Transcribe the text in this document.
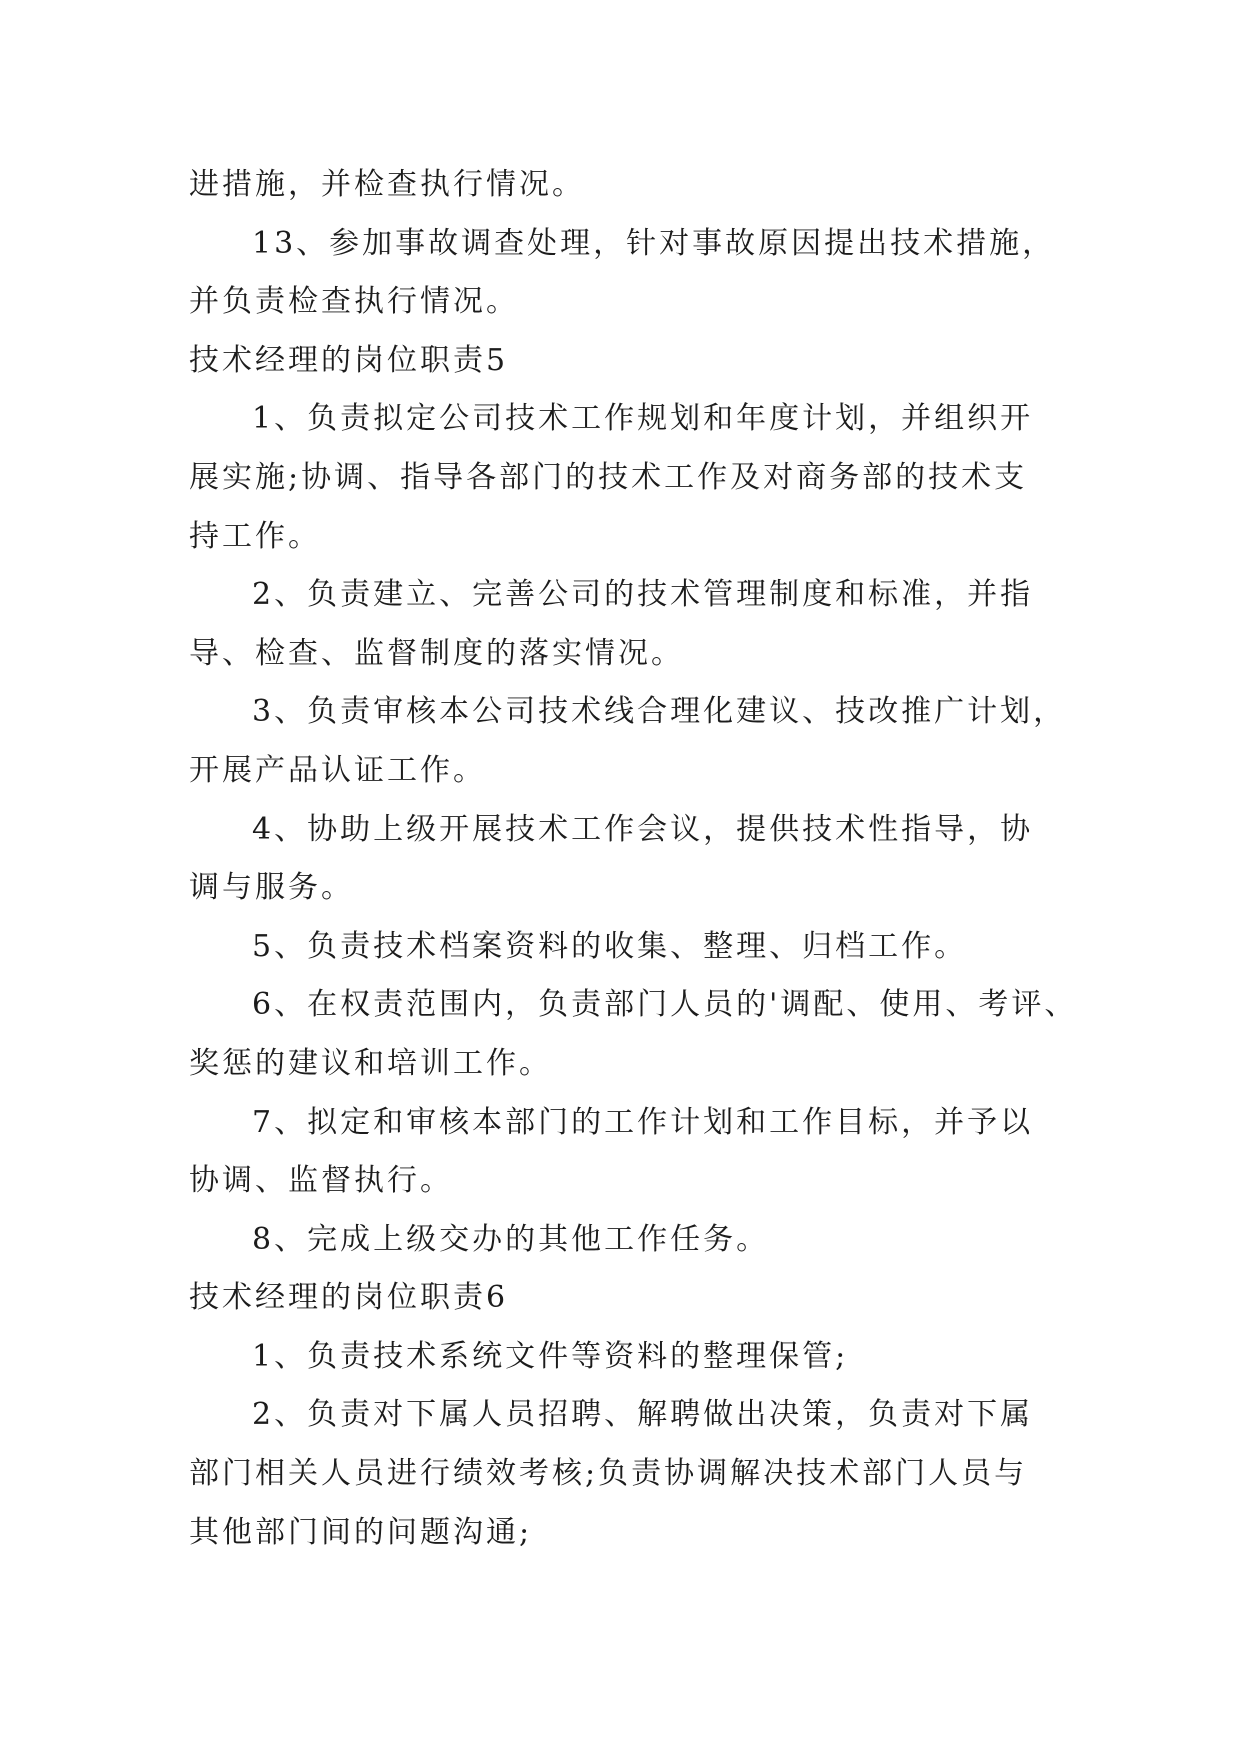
进措施，并检查执行情况。
13、参加事故调查处理，针对事故原因提出技术措施，
并负责检查执行情况。
技术经理的岗位职责5
1、负责拟定公司技术工作规划和年度计划，并组织开
展实施;协调、指导各部门的技术工作及对商务部的技术支
持工作。
2、负责建立、完善公司的技术管理制度和标准，并指
导、检查、监督制度的落实情况。
3、负责审核本公司技术线合理化建议、技改推广计划，
开展产品认证工作。
4、协助上级开展技术工作会议，提供技术性指导，协
调与服务。
5、负责技术档案资料的收集、整理、归档工作。
6、在权责范围内，负责部门人员的'调配、使用、考评、
奖惩的建议和培训工作。
7、拟定和审核本部门的工作计划和工作目标，并予以
协调、监督执行。
8、完成上级交办的其他工作任务。
技术经理的岗位职责6
1、负责技术系统文件等资料的整理保管;
2、负责对下属人员招聘、解聘做出决策，负责对下属
部门相关人员进行绩效考核;负责协调解决技术部门人员与
其他部门间的问题沟通;
